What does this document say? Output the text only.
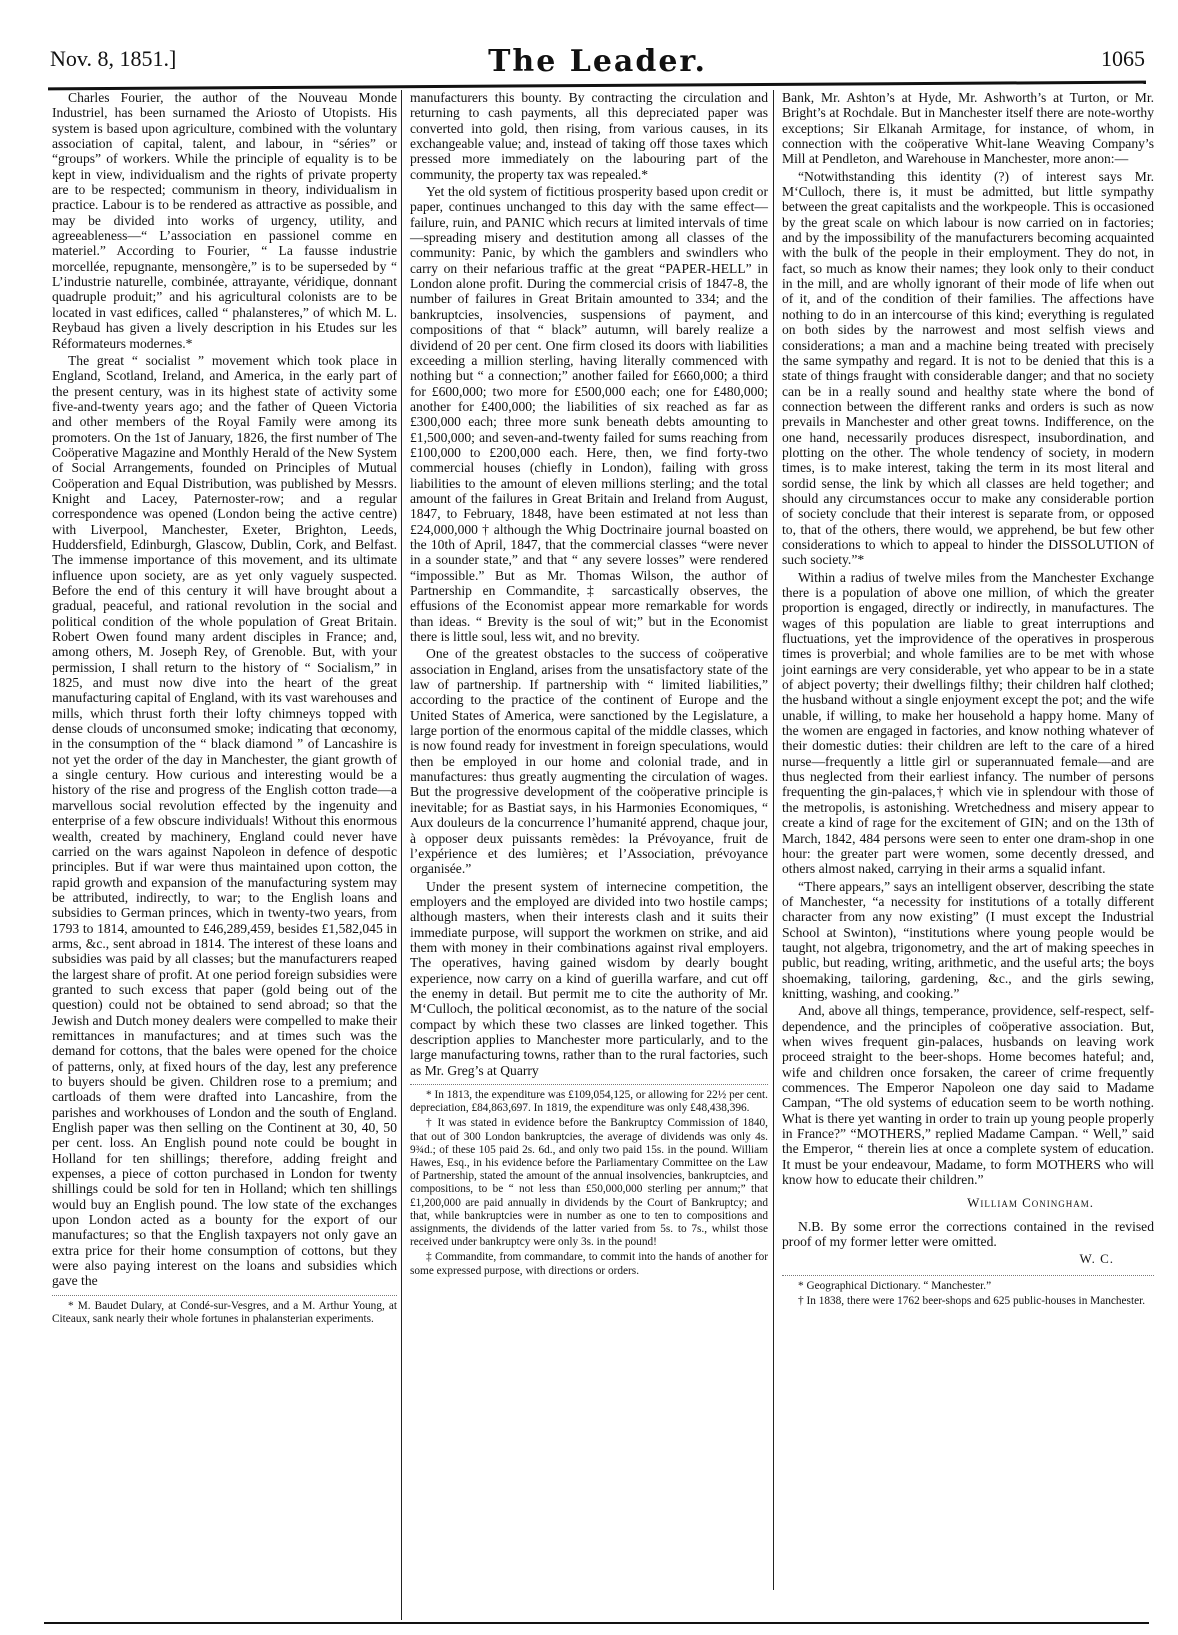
Nov. 8, 1851.]	The Leader.	1065

Charles Fourier, the author of the Nouveau Monde Industriel, has been surnamed the Ariosto of Utopists. His system is based upon agriculture, combined with the voluntary association of capital, talent, and labour, in “séries” or “groups” of workers. While the principle of equality is to be kept in view, individualism and the rights of private property are to be respected; communism in theory, individualism in practice. Labour is to be rendered as attractive as possible, and may be divided into works of urgency, utility, and agreeableness—“ L’association en passionel comme en materiel.” According to Fourier, “ La fausse industrie morcellée, repugnante, mensongère,” is to be superseded by “ L’industrie naturelle, combinée, attrayante, véridique, donnant quadruple produit;” and his agricultural colonists are to be located in vast edifices, called “ phalansteres,” of which M. L. Reybaud has given a lively description in his Etudes sur les Réformateurs modernes.*

The great “ socialist ” movement which took place in England, Scotland, Ireland, and America, in the early part of the present century, was in its highest state of activity some five-and-twenty years ago; and the father of Queen Victoria and other members of the Royal Family were among its promoters. On the 1st of January, 1826, the first number of The Coöperative Magazine and Monthly Herald of the New System of Social Arrangements, founded on Principles of Mutual Coöperation and Equal Distribution, was published by Messrs. Knight and Lacey, Paternoster-row; and a regular correspondence was opened (London being the active centre) with Liverpool, Manchester, Exeter, Brighton, Leeds, Huddersfield, Edinburgh, Glascow, Dublin, Cork, and Belfast. The immense importance of this movement, and its ultimate influence upon society, are as yet only vaguely suspected. Before the end of this century it will have brought about a gradual, peaceful, and rational revolution in the social and political condition of the whole population of Great Britain. Robert Owen found many ardent disciples in France; and, among others, M. Joseph Rey, of Grenoble. But, with your permission, I shall return to the history of “ Socialism,” in 1825, and must now dive into the heart of the great manufacturing capital of England, with its vast warehouses and mills, which thrust forth their lofty chimneys topped with dense clouds of unconsumed smoke; indicating that œconomy, in the consumption of the “ black diamond ” of Lancashire is not yet the order of the day in Manchester, the giant growth of a single century. How curious and interesting would be a history of the rise and progress of the English cotton trade—a marvellous social revolution effected by the ingenuity and enterprise of a few obscure individuals! Without this enormous wealth, created by machinery, England could never have carried on the wars against Napoleon in defence of despotic principles. But if war were thus maintained upon cotton, the rapid growth and expansion of the manufacturing system may be attributed, indirectly, to war; to the English loans and subsidies to German princes, which in twenty-two years, from 1793 to 1814, amounted to £46,289,459, besides £1,582,045 in arms, &c., sent abroad in 1814. The interest of these loans and subsidies was paid by all classes; but the manufacturers reaped the largest share of profit. At one period foreign subsidies were granted to such excess that paper (gold being out of the question) could not be obtained to send abroad; so that the Jewish and Dutch money dealers were compelled to make their remittances in manufactures; and at times such was the demand for cottons, that the bales were opened for the choice of patterns, only, at fixed hours of the day, lest any preference to buyers should be given. Children rose to a premium; and cartloads of them were drafted into Lancashire, from the parishes and workhouses of London and the south of England. English paper was then selling on the Continent at 30, 40, 50 per cent. loss. An English pound note could be bought in Holland for ten shillings; therefore, adding freight and expenses, a piece of cotton purchased in London for twenty shillings could be sold for ten in Holland; which ten shillings would buy an English pound. The low state of the exchanges upon London acted as a bounty for the export of our manufactures; so that the English taxpayers not only gave an extra price for their home consumption of cottons, but they were also paying interest on the loans and subsidies which gave the

* M. Baudet Dulary, at Condé-sur-Vesgres, and a M. Arthur Young, at Citeaux, sank nearly their whole fortunes in phalansterian experiments.

manufacturers this bounty. By contracting the circulation and returning to cash payments, all this depreciated paper was converted into gold, then rising, from various causes, in its exchangeable value; and, instead of taking off those taxes which pressed more immediately on the labouring part of the community, the property tax was repealed.*

Yet the old system of fictitious prosperity based upon credit or paper, continues unchanged to this day with the same effect—failure, ruin, and PANIC which recurs at limited intervals of time—spreading misery and destitution among all classes of the community: Panic, by which the gamblers and swindlers who carry on their nefarious traffic at the great “PAPER-HELL” in London alone profit. During the commercial crisis of 1847-8, the number of failures in Great Britain amounted to 334; and the bankruptcies, insolvencies, suspensions of payment, and compositions of that “ black” autumn, will barely realize a dividend of 20 per cent. One firm closed its doors with liabilities exceeding a million sterling, having literally commenced with nothing but “ a connection;” another failed for £660,000; a third for £600,000; two more for £500,000 each; one for £480,000; another for £400,000; the liabilities of six reached as far as £300,000 each; three more sunk beneath debts amounting to £1,500,000; and seven-and-twenty failed for sums reaching from £100,000 to £200,000 each. Here, then, we find forty-two commercial houses (chiefly in London), failing with gross liabilities to the amount of eleven millions sterling; and the total amount of the failures in Great Britain and Ireland from August, 1847, to February, 1848, have been estimated at not less than £24,000,000 † although the Whig Doctrinaire journal boasted on the 10th of April, 1847, that the commercial classes “were never in a sounder state,” and that “ any severe losses” were rendered “impossible.” But as Mr. Thomas Wilson, the author of Partnership en Commandite,‡ sarcastically observes, the effusions of the Economist appear more remarkable for words than ideas. “ Brevity is the soul of wit;” but in the Economist there is little soul, less wit, and no brevity.

One of the greatest obstacles to the success of coöperative association in England, arises from the unsatisfactory state of the law of partnership. If partnership with “ limited liabilities,” according to the practice of the continent of Europe and the United States of America, were sanctioned by the Legislature, a large portion of the enormous capital of the middle classes, which is now found ready for investment in foreign speculations, would then be employed in our home and colonial trade, and in manufactures: thus greatly augmenting the circulation of wages. But the progressive development of the coöperative principle is inevitable; for as Bastiat says, in his Harmonies Economiques, “ Aux douleurs de la concurrence l’humanité apprend, chaque jour, à opposer deux puissants remèdes: la Prévoyance, fruit de l’expérience et des lumières; et l’Association, prévoyance organisée.”

Under the present system of internecine competition, the employers and the employed are divided into two hostile camps; although masters, when their interests clash and it suits their immediate purpose, will support the workmen on strike, and aid them with money in their combinations against rival employers. The operatives, having gained wisdom by dearly bought experience, now carry on a kind of guerilla warfare, and cut off the enemy in detail. But permit me to cite the authority of Mr. M‘Culloch, the political œconomist, as to the nature of the social compact by which these two classes are linked together. This description applies to Manchester more particularly, and to the large manufacturing towns, rather than to the rural factories, such as Mr. Greg’s at Quarry

* In 1813, the expenditure was £109,054,125, or allowing for 22½ per cent. depreciation, £84,863,697. In 1819, the expenditure was only £48,438,396.

† It was stated in evidence before the Bankruptcy Commission of 1840, that out of 300 London bankruptcies, the average of dividends was only 4s. 9¾d.; of these 105 paid 2s. 6d., and only two paid 15s. in the pound. William Hawes, Esq., in his evidence before the Parliamentary Committee on the Law of Partnership, stated the amount of the annual insolvencies, bankruptcies, and compositions, to be “ not less than £50,000,000 sterling per annum;” that £1,200,000 are paid annually in dividends by the Court of Bankruptcy; and that, while bankruptcies were in number as one to ten to compositions and assignments, the dividends of the latter varied from 5s. to 7s., whilst those received under bankruptcy were only 3s. in the pound!

‡ Commandite, from commandare, to commit into the hands of another for some expressed purpose, with directions or orders.

Bank, Mr. Ashton’s at Hyde, Mr. Ashworth’s at Turton, or Mr. Bright’s at Rochdale. But in Manchester itself there are note-worthy exceptions; Sir Elkanah Armitage, for instance, of whom, in connection with the coöperative Whit-lane Weaving Company’s Mill at Pendleton, and Warehouse in Manchester, more anon:—

“Notwithstanding this identity (?) of interest says Mr. M‘Culloch, there is, it must be admitted, but little sympathy between the great capitalists and the workpeople. This is occasioned by the great scale on which labour is now carried on in factories; and by the impossibility of the manufacturers becoming acquainted with the bulk of the people in their employment. They do not, in fact, so much as know their names; they look only to their conduct in the mill, and are wholly ignorant of their mode of life when out of it, and of the condition of their families. The affections have nothing to do in an intercourse of this kind; everything is regulated on both sides by the narrowest and most selfish views and considerations; a man and a machine being treated with precisely the same sympathy and regard. It is not to be denied that this is a state of things fraught with considerable danger; and that no society can be in a really sound and healthy state where the bond of connection between the different ranks and orders is such as now prevails in Manchester and other great towns. Indifference, on the one hand, necessarily produces disrespect, insubordination, and plotting on the other. The whole tendency of society, in modern times, is to make interest, taking the term in its most literal and sordid sense, the link by which all classes are held together; and should any circumstances occur to make any considerable portion of society conclude that their interest is separate from, or opposed to, that of the others, there would, we apprehend, be but few other considerations to which to appeal to hinder the DISSOLUTION of such society.”*

Within a radius of twelve miles from the Manchester Exchange there is a population of above one million, of which the greater proportion is engaged, directly or indirectly, in manufactures. The wages of this population are liable to great interruptions and fluctuations, yet the improvidence of the operatives in prosperous times is proverbial; and whole families are to be met with whose joint earnings are very considerable, yet who appear to be in a state of abject poverty; their dwellings filthy; their children half clothed; the husband without a single enjoyment except the pot; and the wife unable, if willing, to make her household a happy home. Many of the women are engaged in factories, and know nothing whatever of their domestic duties: their children are left to the care of a hired nurse—frequently a little girl or superannuated female—and are thus neglected from their earliest infancy. The number of persons frequenting the gin-palaces,† which vie in splendour with those of the metropolis, is astonishing. Wretchedness and misery appear to create a kind of rage for the excitement of GIN; and on the 13th of March, 1842, 484 persons were seen to enter one dram-shop in one hour: the greater part were women, some decently dressed, and others almost naked, carrying in their arms a squalid infant.

“There appears,” says an intelligent observer, describing the state of Manchester, “a necessity for institutions of a totally different character from any now existing” (I must except the Industrial School at Swinton), “institutions where young people would be taught, not algebra, trigonometry, and the art of making speeches in public, but reading, writing, arithmetic, and the useful arts; the boys shoemaking, tailoring, gardening, &c., and the girls sewing, knitting, washing, and cooking.”

And, above all things, temperance, providence, self-respect, self-dependence, and the principles of coöperative association. But, when wives frequent gin-palaces, husbands on leaving work proceed straight to the beer-shops. Home becomes hateful; and, wife and children once forsaken, the career of crime frequently commences. The Emperor Napoleon one day said to Madame Campan, “The old systems of education seem to be worth nothing. What is there yet wanting in order to train up young people properly in France?” “MOTHERS,” replied Madame Campan. “ Well,” said the Emperor, “ therein lies at once a complete system of education. It must be your endeavour, Madame, to form MOTHERS who will know how to educate their children.”

William Coningham.

N.B. By some error the corrections contained in the revised proof of my former letter were omitted.

W. C.

* Geographical Dictionary. “ Manchester.”

† In 1838, there were 1762 beer-shops and 625 public-houses in Manchester.
